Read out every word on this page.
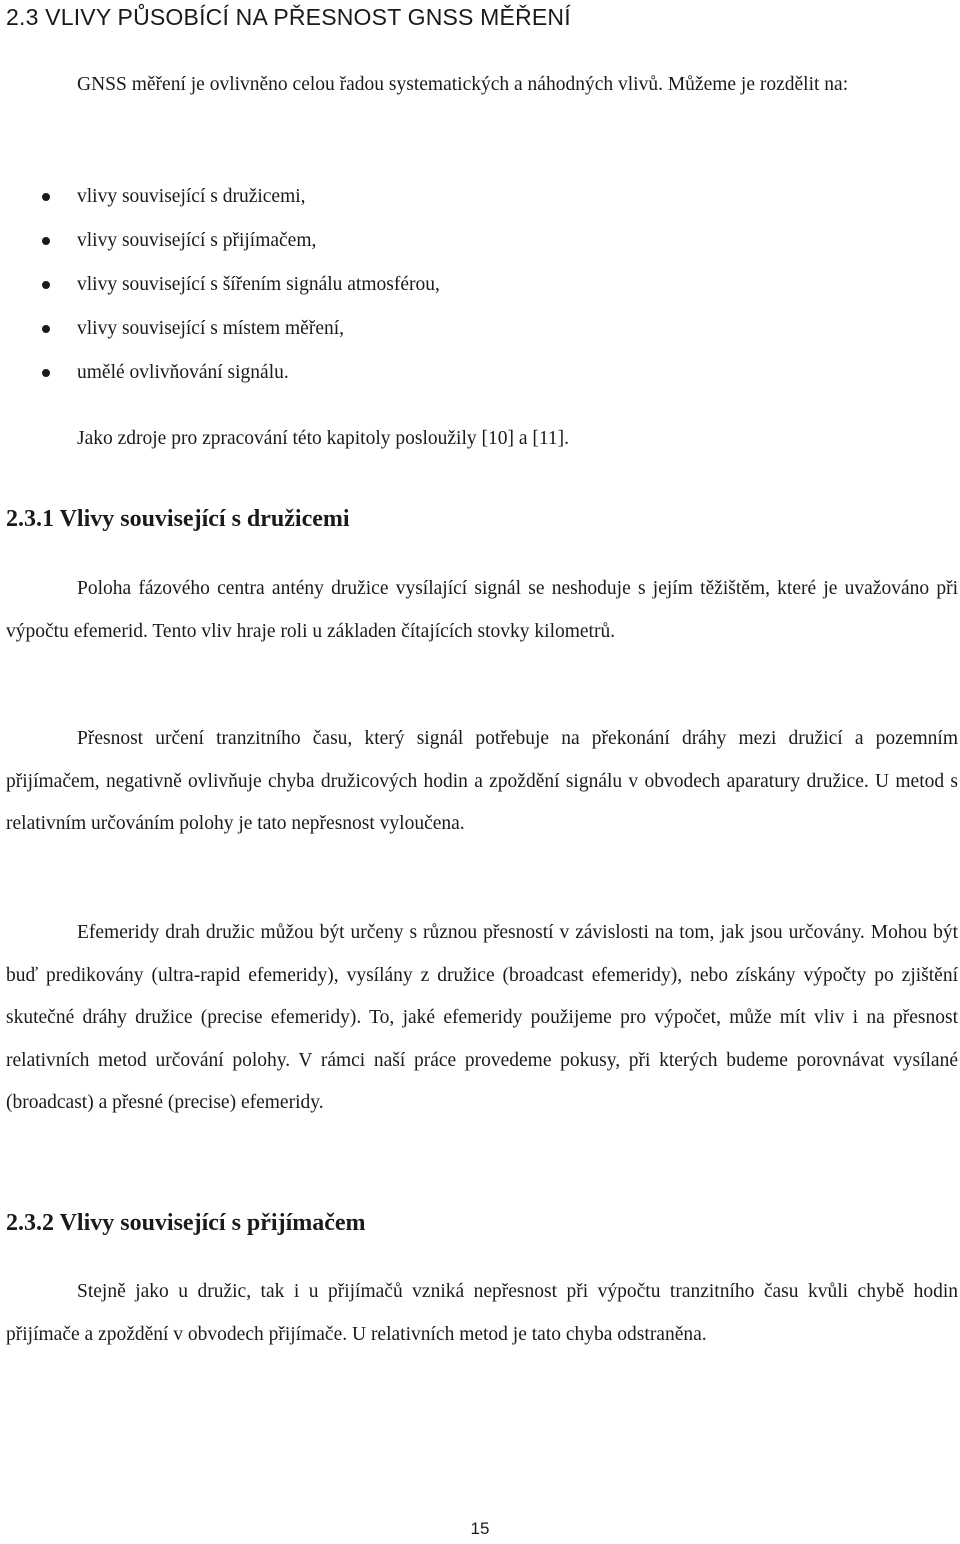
2.3 VLIVY PŮSOBÍCÍ NA PŘESNOST GNSS MĚŘENÍ

GNSS měření je ovlivněno celou řadou systematických a náhodných vlivů. Můžeme je rozdělit na:

vlivy související s družicemi,
vlivy související s přijímačem,
vlivy související s šířením signálu atmosférou,
vlivy související s místem měření,
umělé ovlivňování signálu.

Jako zdroje pro zpracování této kapitoly posloužily [10] a [11].

2.3.1 Vlivy související s družicemi

Poloha fázového centra antény družice vysílající signál se neshoduje s jejím těžištěm, které je uvažováno při výpočtu efemerid. Tento vliv hraje roli u základen čítajících stovky kilometrů.

Přesnost určení tranzitního času, který signál potřebuje na překonání dráhy mezi družicí a pozemním přijímačem, negativně ovlivňuje chyba družicových hodin a zpoždění signálu v obvodech aparatury družice. U metod s relativním určováním polohy je tato nepřesnost vyloučena.

Efemeridy drah družic můžou být určeny s různou přesností v závislosti na tom, jak jsou určovány. Mohou být buď predikovány (ultra-rapid efemeridy), vysílány z družice (broadcast efemeridy), nebo získány výpočty po zjištění skutečné dráhy družice (precise efemeridy). To, jaké efemeridy použijeme pro výpočet, může mít vliv i na přesnost relativních metod určování polohy. V rámci naší práce provedeme pokusy, při kterých budeme porovnávat vysílané (broadcast) a přesné (precise) efemeridy.

2.3.2 Vlivy související s přijímačem

Stejně jako u družic, tak i u přijímačů vzniká nepřesnost při výpočtu tranzitního času kvůli chybě hodin přijímače a zpoždění v obvodech přijímače. U relativních metod je tato chyba odstraněna.

15
